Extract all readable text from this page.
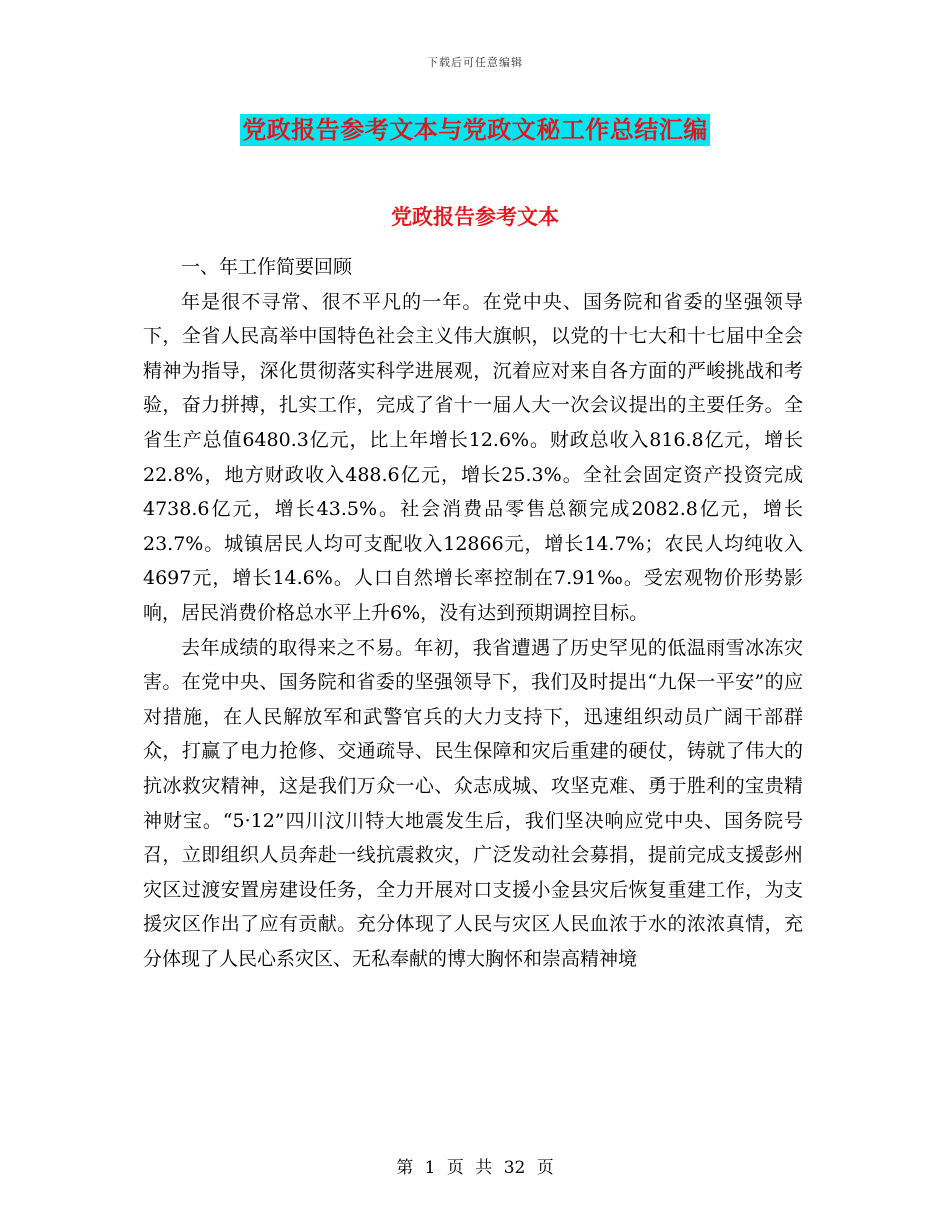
下载后可任意编辑
党政报告参考文本与党政文秘工作总结汇编
党政报告参考文本

一、年工作简要回顾

年是很不寻常、很不平凡的一年。在党中央、国务院和省委的坚强领导下，全省人民高举中国特色社会主义伟大旗帜，以党的十七大和十七届中全会精神为指导，深化贯彻落实科学进展观，沉着应对来自各方面的严峻挑战和考验，奋力拼搏，扎实工作，完成了省十一届人大一次会议提出的主要任务。全省生产总值6480.3亿元，比上年增长12.6%。财政总收入816.8亿元，增长22.8%，地方财政收入488.6亿元，增长25.3%。全社会固定资产投资完成4738.6亿元，增长43.5%。社会消费品零售总额完成2082.8亿元，增长23.7%。城镇居民人均可支配收入12866元，增长14.7%；农民人均纯收入4697元，增长14.6%。人口自然增长率控制在7.91‰。受宏观物价形势影响，居民消费价格总水平上升6%，没有达到预期调控目标。

去年成绩的取得来之不易。年初，我省遭遇了历史罕见的低温雨雪冰冻灾害。在党中央、国务院和省委的坚强领导下，我们及时提出“九保一平安”的应对措施，在人民解放军和武警官兵的大力支持下，迅速组织动员广阔干部群众，打赢了电力抢修、交通疏导、民生保障和灾后重建的硬仗，铸就了伟大的抗冰救灾精神，这是我们万众一心、众志成城、攻坚克难、勇于胜利的宝贵精神财宝。“5·12”四川汶川特大地震发生后，我们坚决响应党中央、国务院号召，立即组织人员奔赴一线抗震救灾，广泛发动社会募捐，提前完成支援彭州灾区过渡安置房建设任务，全力开展对口支援小金县灾后恢复重建工作，为支援灾区作出了应有贡献。充分体现了人民与灾区人民血浓于水的浓浓真情，充分体现了人民心系灾区、无私奉献的博大胸怀和崇高精神境

第 1 页 共 32 页
